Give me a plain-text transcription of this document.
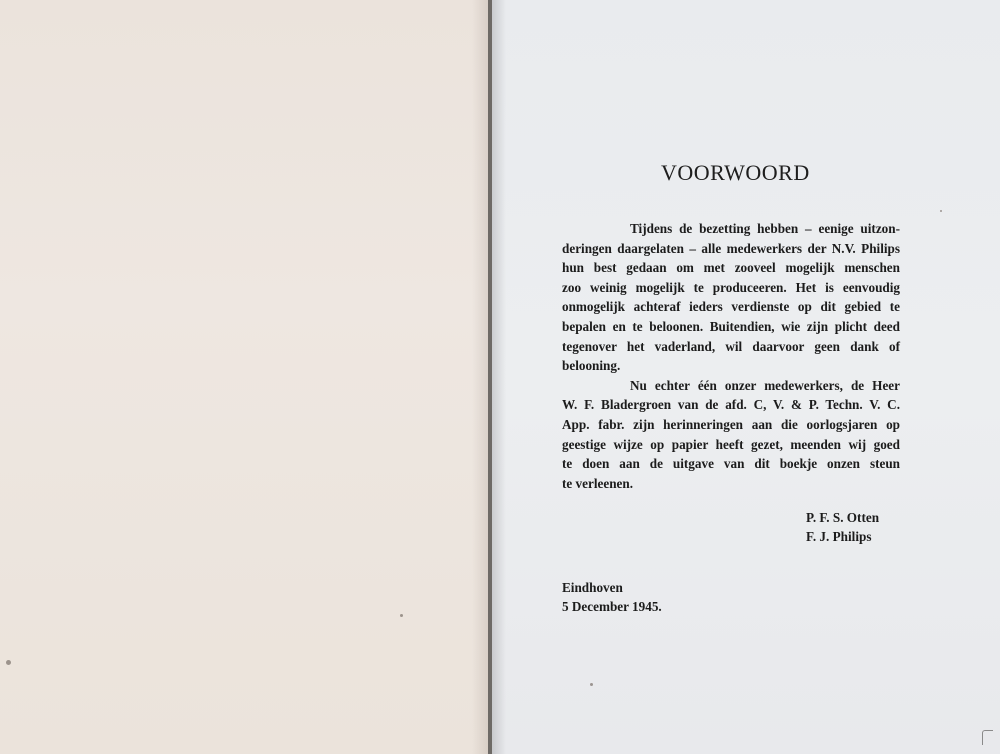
VOORWOORD
Tijdens de bezetting hebben – eenige uitzon-
deringen daargelaten – alle medewerkers der N.V. Philips
hun best gedaan om met zooveel mogelijk menschen
zoo weinig mogelijk te produceeren. Het is eenvoudig
onmogelijk achteraf ieders verdienste op dit gebied te
bepalen en te beloonen. Buitendien, wie zijn plicht deed
tegenover het vaderland, wil daarvoor geen dank of
belooning.
Nu echter één onzer medewerkers, de Heer
W. F. Bladergroen van de afd. C, V. & P. Techn. V. C.
App. fabr. zijn herinneringen aan die oorlogsjaren op
geestige wijze op papier heeft gezet, meenden wij goed
te doen aan de uitgave van dit boekje onzen steun
te verleenen.
P. F. S. Otten
F. J. Philips
Eindhoven
5 December 1945.
